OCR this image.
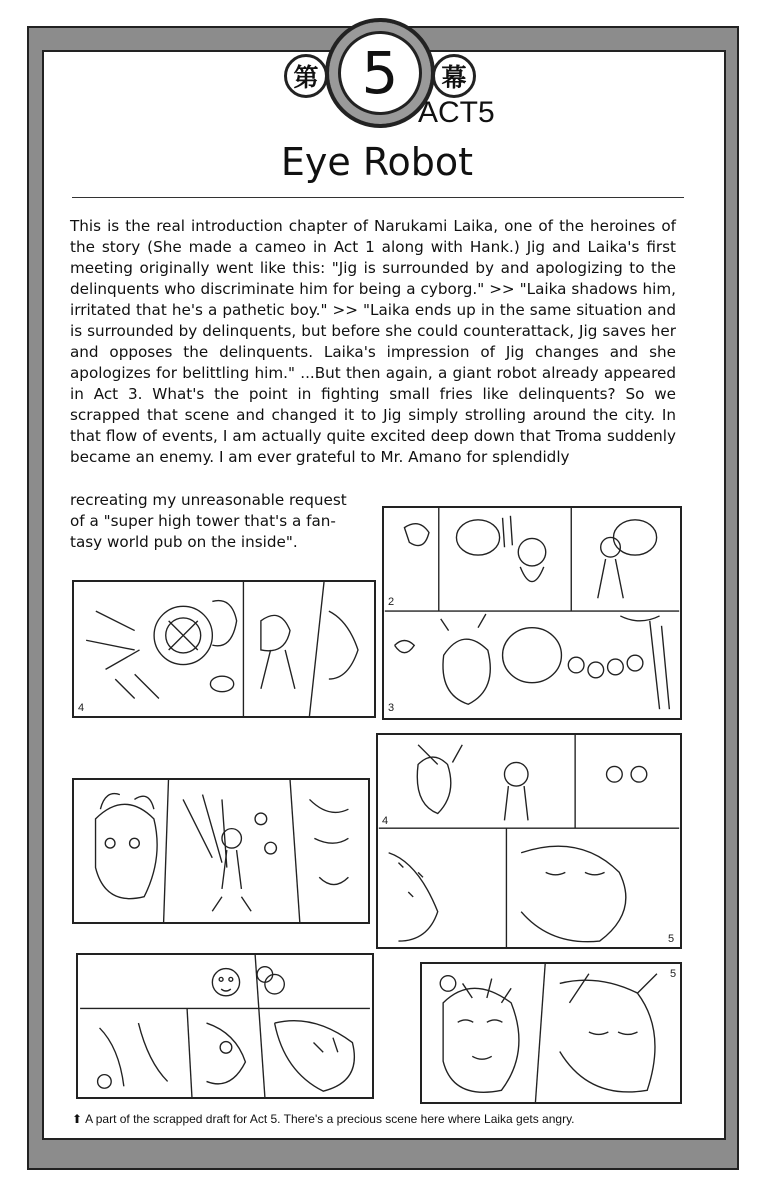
第 5	幕
ACT5
Eye Robot

This is the real introduction chapter of Narukami Laika, one of the heroines of the story (She made a cameo in Act 1 along with Hank.) Jig and Laika's first meeting originally went like this: "Jig is surrounded by and apologizing to the delinquents who discriminate him for being a cyborg." >> "Laika shadows him, irritated that he's a pathetic boy." >> "Laika ends up in the same situation and is surrounded by delinquents, but before she could counterattack, Jig saves her and opposes the delinquents. Laika's impression of Jig changes and she apologizes for belittling him." ...But then again, a giant robot already appeared in Act 3. What's the point in fighting small fries like delinquents? So we scrapped that scene and changed it to Jig simply strolling around the city. In that flow of events, I am actually quite excited deep down that Troma suddenly became an enemy. I am ever grateful to Mr. Amano for splendidly

recreating my unreasonable request
of a "super high tower that's a fan-
tasy world pub on the inside".
2
3
4
4
5
5
⬆ A part of the scrapped draft for Act 5. There's a precious scene here where Laika gets angry.
